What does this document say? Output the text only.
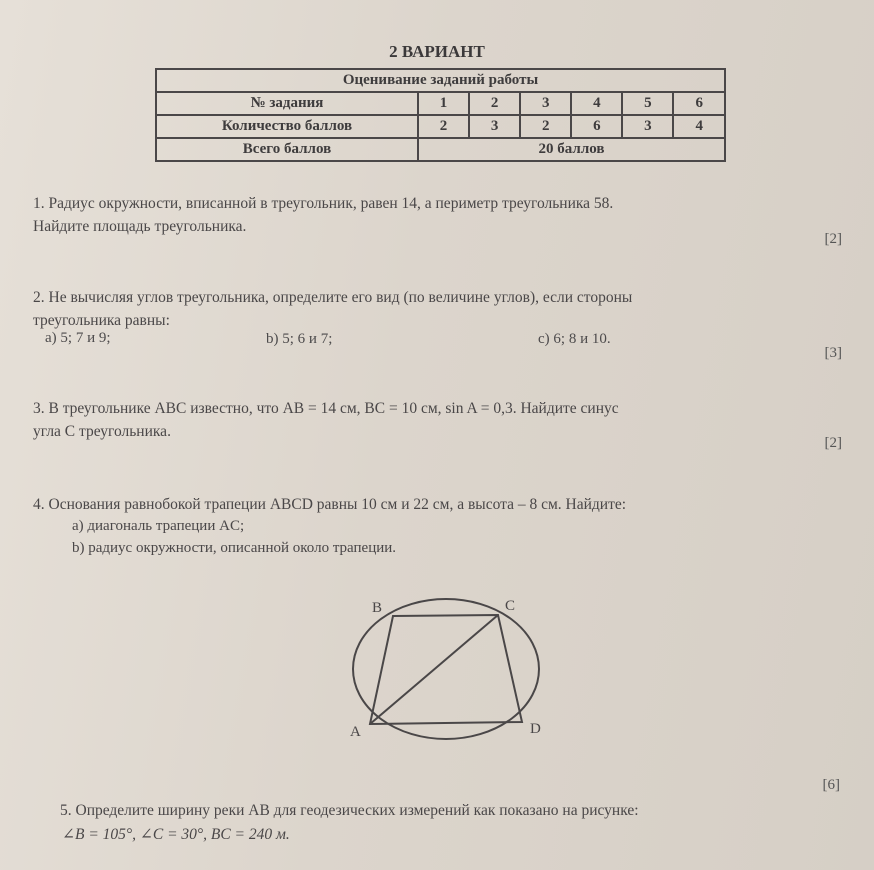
2 ВАРИАНТ
Оценивание заданий работы						
№ задания	1	2	3	4	5	6
Количество баллов	2	3	2	6	3	4
Всего баллов	20 баллов					
1. Радиус окружности, вписанной в треугольник, равен 14, а периметр треугольника 58.
Найдите площадь треугольника.
[2]
2. Не вычисляя углов треугольника, определите его вид (по величине углов), если стороны
треугольника равны:
a) 5; 7 и 9;	b) 5; 6 и 7;	c) 6; 8 и 10.
[3]
3. В треугольнике ABC известно, что AB = 14 см, BC = 10 см, sin A = 0,3. Найдите синус
угла C треугольника.
[2]
4. Основания равнобокой трапеции ABCD равны 10 см и 22 см, а высота – 8 см. Найдите:
a) диагональ трапеции AC;
b) радиус окружности, описанной около трапеции.
B	C
A	D
[6]
5. Определите ширину реки AB для геодезических измерений как показано на рисунке:
∠B = 105°, ∠C = 30°, BC = 240 м.
